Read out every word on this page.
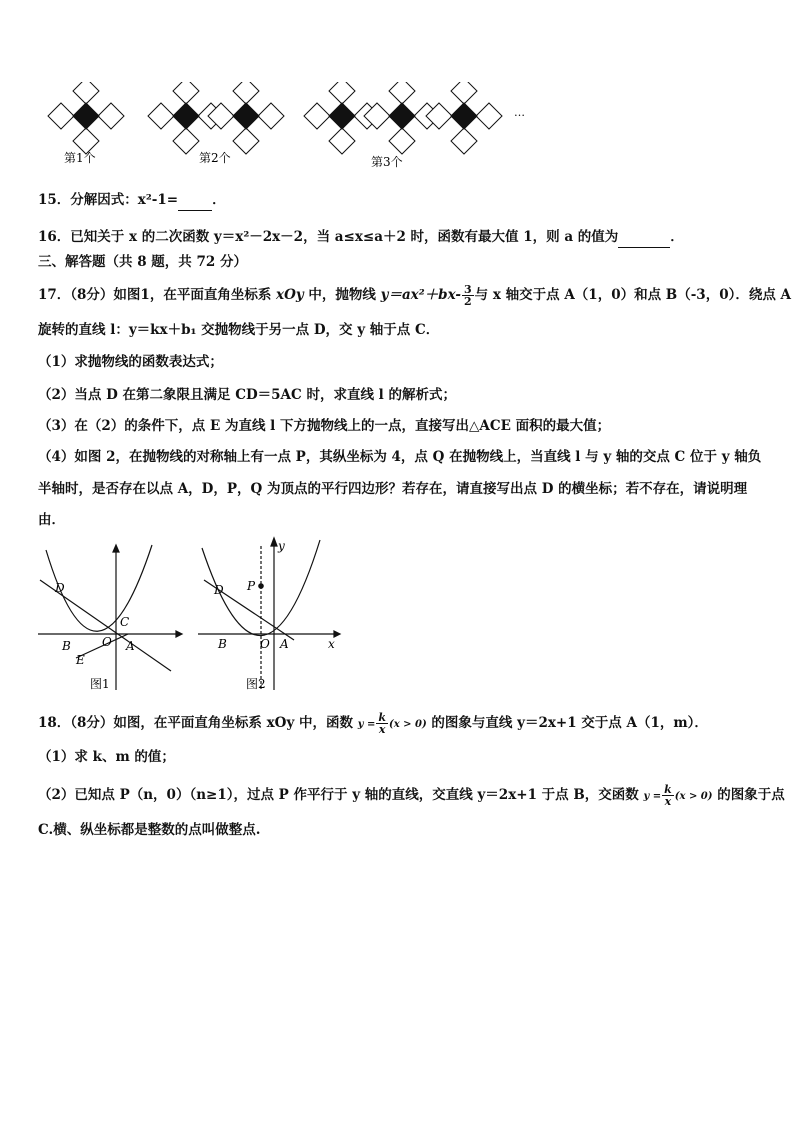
第1个	第2个	第3个
…
15．分解因式：x²-1=	．
16．已知关于 x 的二次函数 y＝x²－2x－2，当 a≤x≤a＋2 时，函数有最大值 1，则 a 的值为	．
三、解答题（共 8 题，共 72 分）
17．（8分）如图1，在平面直角坐标系 xOy 中，抛物线 $y=ax^2+bx- \frac{3}{2}$ 与 x 轴交于点 A（1，0）和点 B（-3，0）．绕点 A
旋转的直线 l：y＝kx＋b₁ 交抛物线于另一点 D，交 y 轴于点 C．
（1）求抛物线的函数表达式；
（2）当点 D 在第二象限且满足 CD＝5AC 时，求直线 l 的解析式；
（3）在（2）的条件下，点 E 为直线 l 下方抛物线上的一点，直接写出△ACE 面积的最大值；
（4）如图 2，在抛物线的对称轴上有一点 P，其纵坐标为 4，点 Q 在抛物线上，当直线 l 与 y 轴的交点 C 位于 y 轴负
半轴时，是否存在以点 A，D，P，Q 为顶点的平行四边形？若存在，请直接写出点 D 的横坐标；若不存在，请说明理
由．
D
C
B	O A
E
图1
y
P
D
B	O A	x
图2
18．（8分）如图，在平面直角坐标系 xOy 中，函数 $y = \frac{k}{x} (x > 0)$ 的图象与直线 y＝2x+1 交于点 A（1，m）．
（1）求 k、m 的值；
（2）已知点 P（n，0）（n≥1），过点 P 作平行于 y 轴的直线，交直线 y＝2x+1 于点 B，交函数 $y = \frac{k}{x} (x > 0)$ 的图象于点
C.横、纵坐标都是整数的点叫做整点.
